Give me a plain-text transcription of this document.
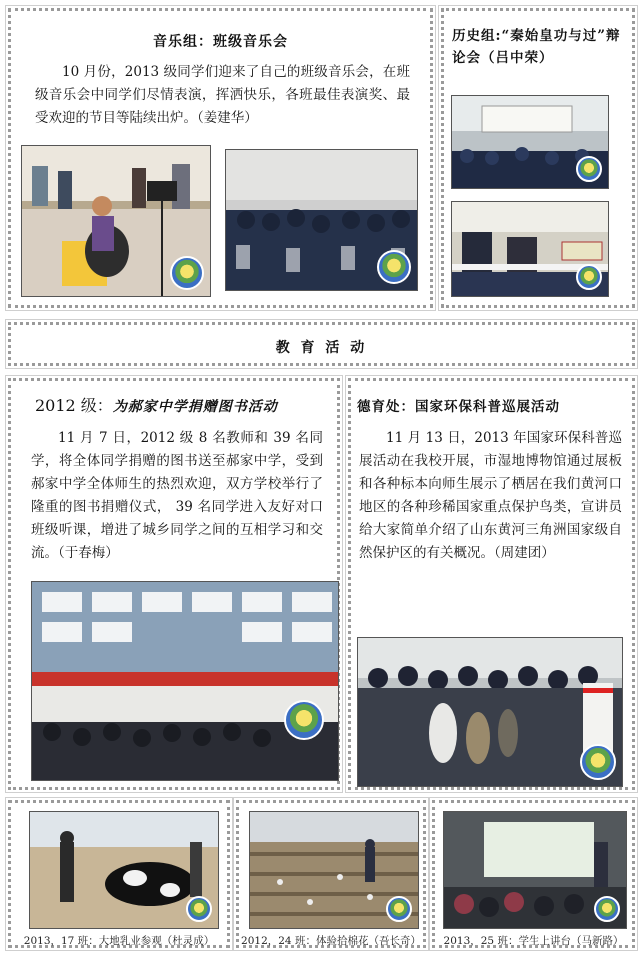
音乐组：班级音乐会

10 月份，2013 级同学们迎来了自己的班级音乐会，在班级音乐会中同学们尽情表演，挥洒快乐，各班最佳表演奖、最受欢迎的节目等陆续出炉。（姜建华）

历史组:“秦始皇功与过”辩论会（吕中荣）
教 育 活 动
2012 级：为郝家中学捐赠图书活动

11 月 7 日，2012 级 8 名教师和 39 名同学，将全体同学捐赠的图书送至郝家中学，受到郝家中学全体师生的热烈欢迎，双方学校举行了隆重的图书捐赠仪式， 39 名同学进入友好对口班级听课，增进了城乡同学之间的互相学习和交流。（于春梅）

德育处：国家环保科普巡展活动

11 月 13 日，2013 年国家环保科普巡展活动在我校开展，市湿地博物馆通过展板和各种标本向师生展示了栖居在我们黄河口地区的各种珍稀国家重点保护鸟类，宣讲员给大家简单介绍了山东黄河三角洲国家级自然保护区的有关概况。（周建团）

2013，17 班：大地乳业参观（杜灵成）	2012，24 班：体验拾棉花（吾长奇）	2013，25 班：学生上讲台（马新路）
